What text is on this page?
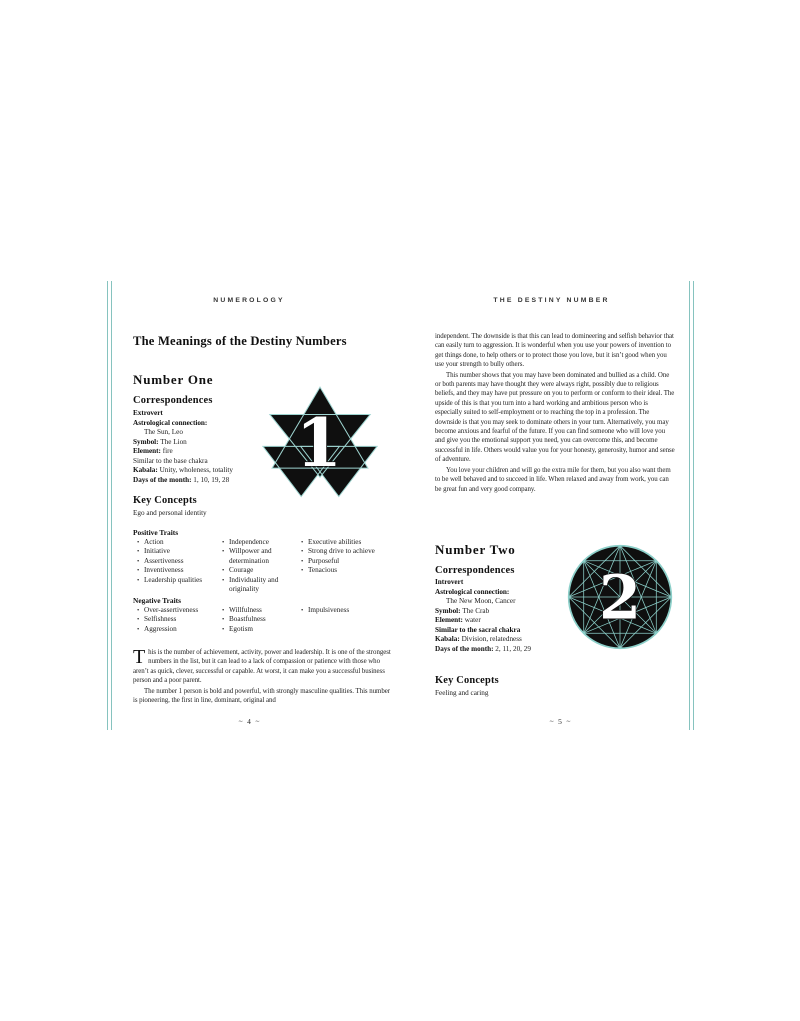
NUMEROLOGY
The Meanings of the Destiny Numbers
Number One
Correspondences
Extrovert
Astrological connection:
The Sun, Leo
Symbol: The Lion
Element: fire
Similar to the base chakra
Kabala: Unity, wholeness, totality
Days of the month: 1, 10, 19, 28	1
Key Concepts
Ego and personal identity
Positive Traits
• Action
• Initiative
• Assertiveness
• Inventiveness
• Leadership qualities
• Independence
• Willpower and determination
• Courage
• Individuality and originality
• Executive abilities
• Strong drive to achieve
• Purposeful
• Tenacious
Negative Traits
• Over-assertiveness
• Selfishness
• Aggression
• Willfulness
• Boastfulness
• Egotism
• Impulsiveness

This is the number of achievement, activity, power and leadership. It is one of the strongest numbers in the list, but it can lead to a lack of compassion or patience with those who aren’t as quick, clever, successful or capable. At worst, it can make you a successful business person and a poor parent.

The number 1 person is bold and powerful, with strongly masculine qualities. This number is pioneering, the first in line, dominant, original and

∼ 4 ∼
THE DESTINY NUMBER

independent. The downside is that this can lead to domineering and selfish behavior that can easily turn to aggression. It is wonderful when you use your powers of invention to get things done, to help others or to protect those you love, but it isn’t good when you use your strength to bully others.

This number shows that you may have been dominated and bullied as a child. One or both parents may have thought they were always right, possibly due to religious beliefs, and they may have put pressure on you to perform or conform to their ideal. The upside of this is that you turn into a hard working and ambitious person who is especially suited to self-employment or to reaching the top in a profession. The downside is that you may seek to dominate others in your turn. Alternatively, you may become anxious and fearful of the future. If you can find someone who will love you and give you the emotional support you need, you can overcome this, and become successful in life. Others would value you for your honesty, generosity, humor and sense of adventure.

You love your children and will go the extra mile for them, but you also want them to be well behaved and to succeed in life. When relaxed and away from work, you can be great fun and very good company.

Number Two
Correspondences
Introvert
Astrological connection:
The New Moon, Cancer
Symbol: The Crab
Element: water
Similar to the sacral chakra
Kabala: Division, relatedness
Days of the month: 2, 11, 20, 29
2
Key Concepts
Feeling and caring
∼ 5 ∼
